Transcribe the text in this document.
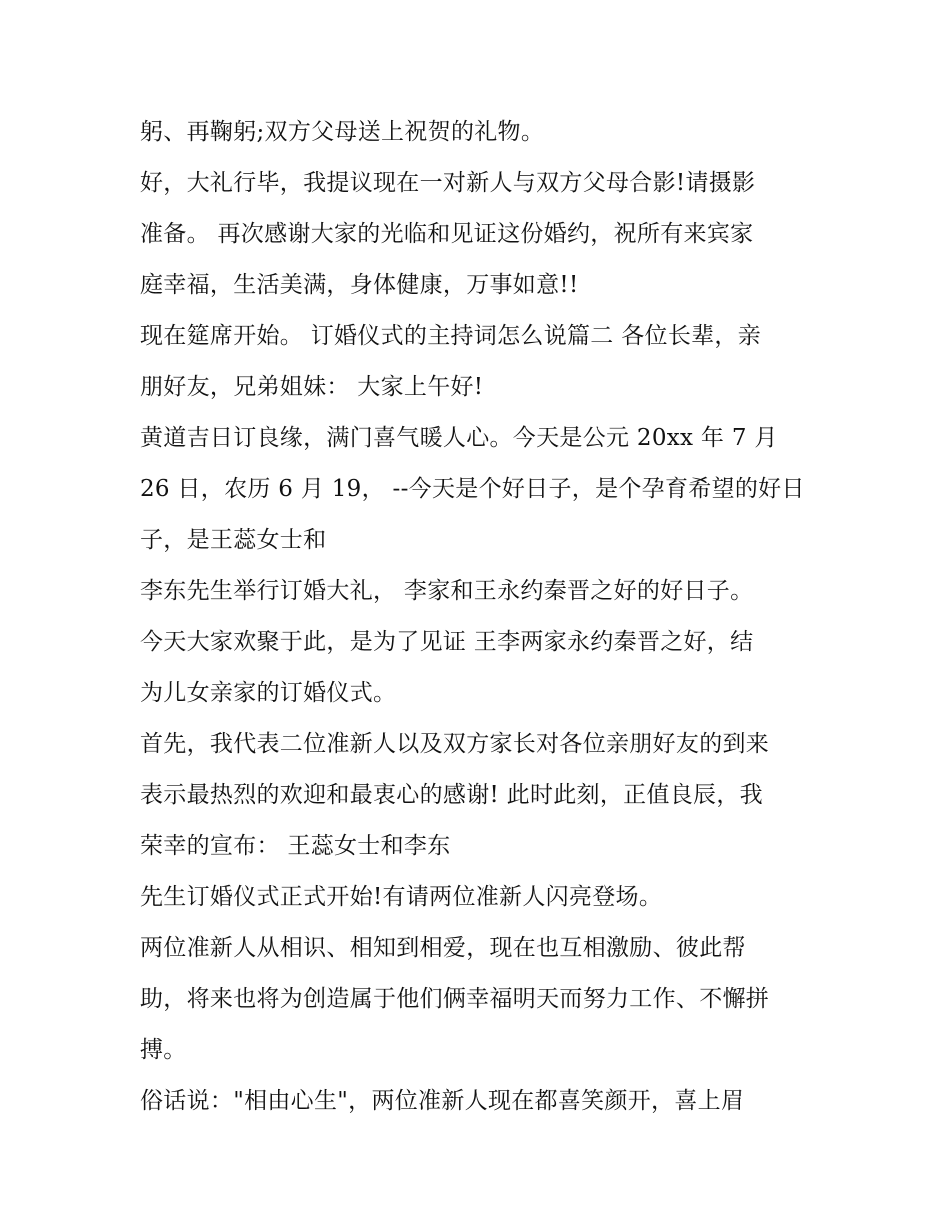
躬、再鞠躬;双方父母送上祝贺的礼物。
好，大礼行毕，我提议现在一对新人与双方父母合影!请摄影
准备。 再次感谢大家的光临和见证这份婚约，祝所有来宾家
庭幸福，生活美满，身体健康，万事如意!!
现在筵席开始。 订婚仪式的主持词怎么说篇二 各位长辈，亲
朋好友，兄弟姐妹： 大家上午好!
黄道吉日订良缘，满门喜气暖人心。今天是公元 20xx 年 7 月
26 日，农历 6 月 19， --今天是个好日子，是个孕育希望的好日
子，是王蕊女士和
李东先生举行订婚大礼， 李家和王永约秦晋之好的好日子。
今天大家欢聚于此，是为了见证 王李两家永约秦晋之好，结
为儿女亲家的订婚仪式。
首先，我代表二位准新人以及双方家长对各位亲朋好友的到来
表示最热烈的欢迎和最衷心的感谢! 此时此刻，正值良辰，我
荣幸的宣布： 王蕊女士和李东
先生订婚仪式正式开始!有请两位准新人闪亮登场。
两位准新人从相识、相知到相爱，现在也互相激励、彼此帮
助，将来也将为创造属于他们俩幸福明天而努力工作、不懈拼
搏。
俗话说："相由心生"，两位准新人现在都喜笑颜开，喜上眉
